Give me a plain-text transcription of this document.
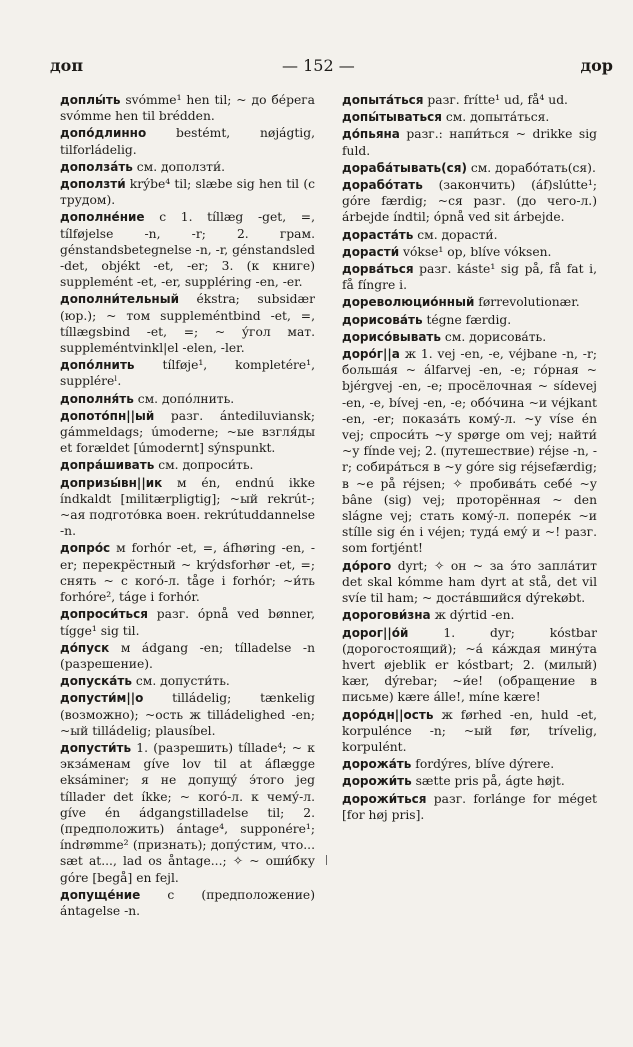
доп	— 152 —	дор
доплы́ть svómme¹ hen til; ~ до бе́рега svómme hen til brédden.
допо́длинно bestémt, nøjágtig, tilforládelig.
доползáть см. доползти́.
доползти́ krýbe⁴ til; slæbe sig hen til (с трудом).
дополне́ние с 1. tíllæg -get, =, tílføjelse -n, -r; 2. грам. génstandsbetegnelse -n, -r, génstandsled -det, objékt -et, -er; 3. (к книге) supplemént -et, -er, suppléring -en, -er.
дополни́тельный ékstra; subsidær (юр.); ~ том suppleméntbind -et, =, tíllægsbind -et, =; ~ у́гол мат. suppleméntvinkl|el -elen, -ler.
допо́лнить tílføje¹, kompletére¹, suppléreˡ.
дополня́ть см. допо́лнить.
допото́пн||ый разг. ántediluviansk; gámmeldags; úmoderne; ~ые взгля́ды et forældet [úmodernt] sýnspunkt.
допра́шивать см. допроси́ть.
допризы́вн||ик м én, endnú ikke índkaldt [militærpligtig]; ~ый rekrút-; ~ая подгото́вка воен. rekrútuddannelse -n.
допро́с м forhór -et, =, áfhøring -en, -er; перекрёстный ~ krýdsforhør -et, =; снять ~ с кого́-л. tåge i forhór; ~и́ть forhóre², táge i forhór.
допроси́ться разг. ópnå ved bønner, tígge¹ sig til.
до́пуск м ádgang -en; tílladelse -n (разрешение).
допуска́ть см. допусти́ть.
допусти́м||о tilládelig; tænkelig (возможно); ~ость ж tilládelighed -en; ~ый tilládelig; plausíbel.
допусти́ть 1. (разрешить) tíllade⁴; ~ к экза́менам gíve lov til at áflægge eksáminer; я не допущу́ э́того jeg tíllader det íkke; ~ кого́-л. к чему́-л. gíve én ádgangstilladelse til; 2. (предположить) ántage⁴, supponére¹; índrømme² (признать); допу́стим, что... sæt at..., lad os åntage...; ✧ ~ оши́бку góre [begå] en fejl.
допуще́ние с (предположение) ántagelse -n.
допыта́ться разг. frítte¹ ud, få⁴ ud.
допы́тываться см. допыта́ться.
до́пьяна разг.: напи́ться ~ drikke sig fuld.
дораба́тывать(ся) см. дорабо́тать(ся).
дорабо́тать (закончить) (áf)slútte¹; góre færdig; ~ся разг. (до чего-л.) árbejde índtil; ópnå ved sit árbejde.
дораста́ть см. дорасти́.
дорасти́ vókse¹ op, blíve vóksen.
дорва́ться разг. káste¹ sig på, få fat i, få fíngre i.
дореволюцио́нный førrevolutionær.
дорисова́ть tégne færdig.
дорисо́вывать см. дорисова́ть.
доро́г||а ж 1. vej -en, -e, véjbane -n, -r; больша́я ~ álfarvej -en, -e; го́рная ~ bjérgvej -en, -e; просёлочная ~ sídevej -en, -e, bívej -en, -e; обо́чина ~и véjkant -en, -er; показа́ть кому́-л. ~у víse én vej; спроси́ть ~у spørge om vej; найти́ ~у fínde vej; 2. (путешествие) réjse -n, -r; собира́ться в ~у góre sig réjsefærdig; в ~е på réjsen; ✧ пробива́ть себе́ ~у bâne (sig) vej; проторённая ~ den slágne vej; стать кому́-л. попере́к ~и stílle sig én i véjen; туда́ ему́ и ~! разг. som fortjént!
до́рого dyrt; ✧ он ~ за э́то запла́тит det skal kómme ham dyrt at stå, det vil svíe til ham; ~ доста́вшийся dýrekøbt.
дорогови́зна ж dýrtid -en.
дорог||о́й 1. dyr; kóstbar (дорогостоящий); ~а́ ка́ждая мину́та hvert øjeblik er kóstbart; 2. (милый) kær, dýrebar; ~и́е! (обращение в письме) kære álle!, míne kære!
доро́дн||ость ж førhed -en, huld -et, korpulénce -n; ~ый før, trívelig, korpulént.
дорожа́ть fordýres, blíve dýrere.
дорожи́ть sætte pris på, ágte højt.
дорожи́ться разг. forlánge for méget [for høj pris].
